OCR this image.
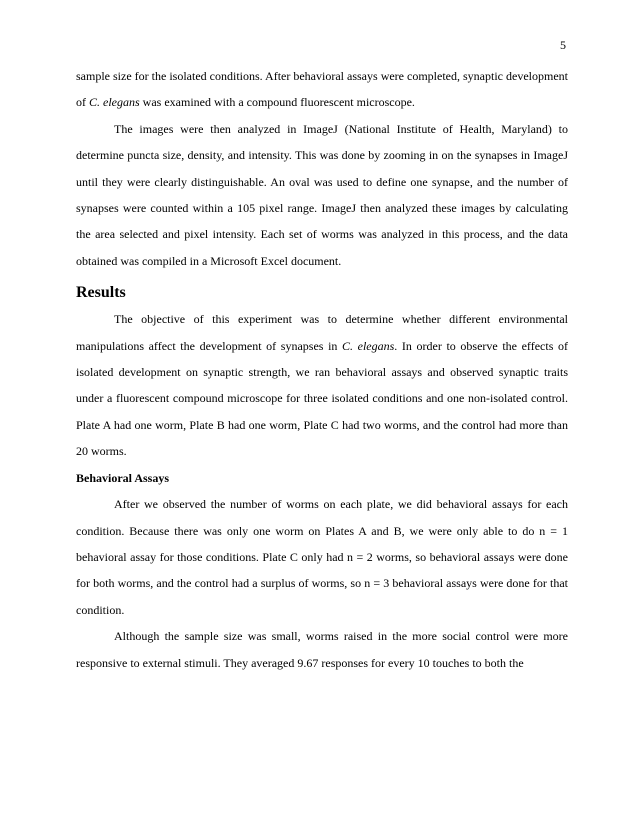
5

sample size for the isolated conditions. After behavioral assays were completed, synaptic development of C. elegans was examined with a compound fluorescent microscope.

The images were then analyzed in ImageJ (National Institute of Health, Maryland) to determine puncta size, density, and intensity. This was done by zooming in on the synapses in ImageJ until they were clearly distinguishable. An oval was used to define one synapse, and the number of synapses were counted within a 105 pixel range. ImageJ then analyzed these images by calculating the area selected and pixel intensity. Each set of worms was analyzed in this process, and the data obtained was compiled in a Microsoft Excel document.

Results

The objective of this experiment was to determine whether different environmental manipulations affect the development of synapses in C. elegans. In order to observe the effects of isolated development on synaptic strength, we ran behavioral assays and observed synaptic traits under a fluorescent compound microscope for three isolated conditions and one non-isolated control. Plate A had one worm, Plate B had one worm, Plate C had two worms, and the control had more than 20 worms.

Behavioral Assays

After we observed the number of worms on each plate, we did behavioral assays for each condition. Because there was only one worm on Plates A and B, we were only able to do n = 1 behavioral assay for those conditions. Plate C only had n = 2 worms, so behavioral assays were done for both worms, and the control had a surplus of worms, so n = 3 behavioral assays were done for that condition.

Although the sample size was small, worms raised in the more social control were more responsive to external stimuli. They averaged 9.67 responses for every 10 touches to both the
